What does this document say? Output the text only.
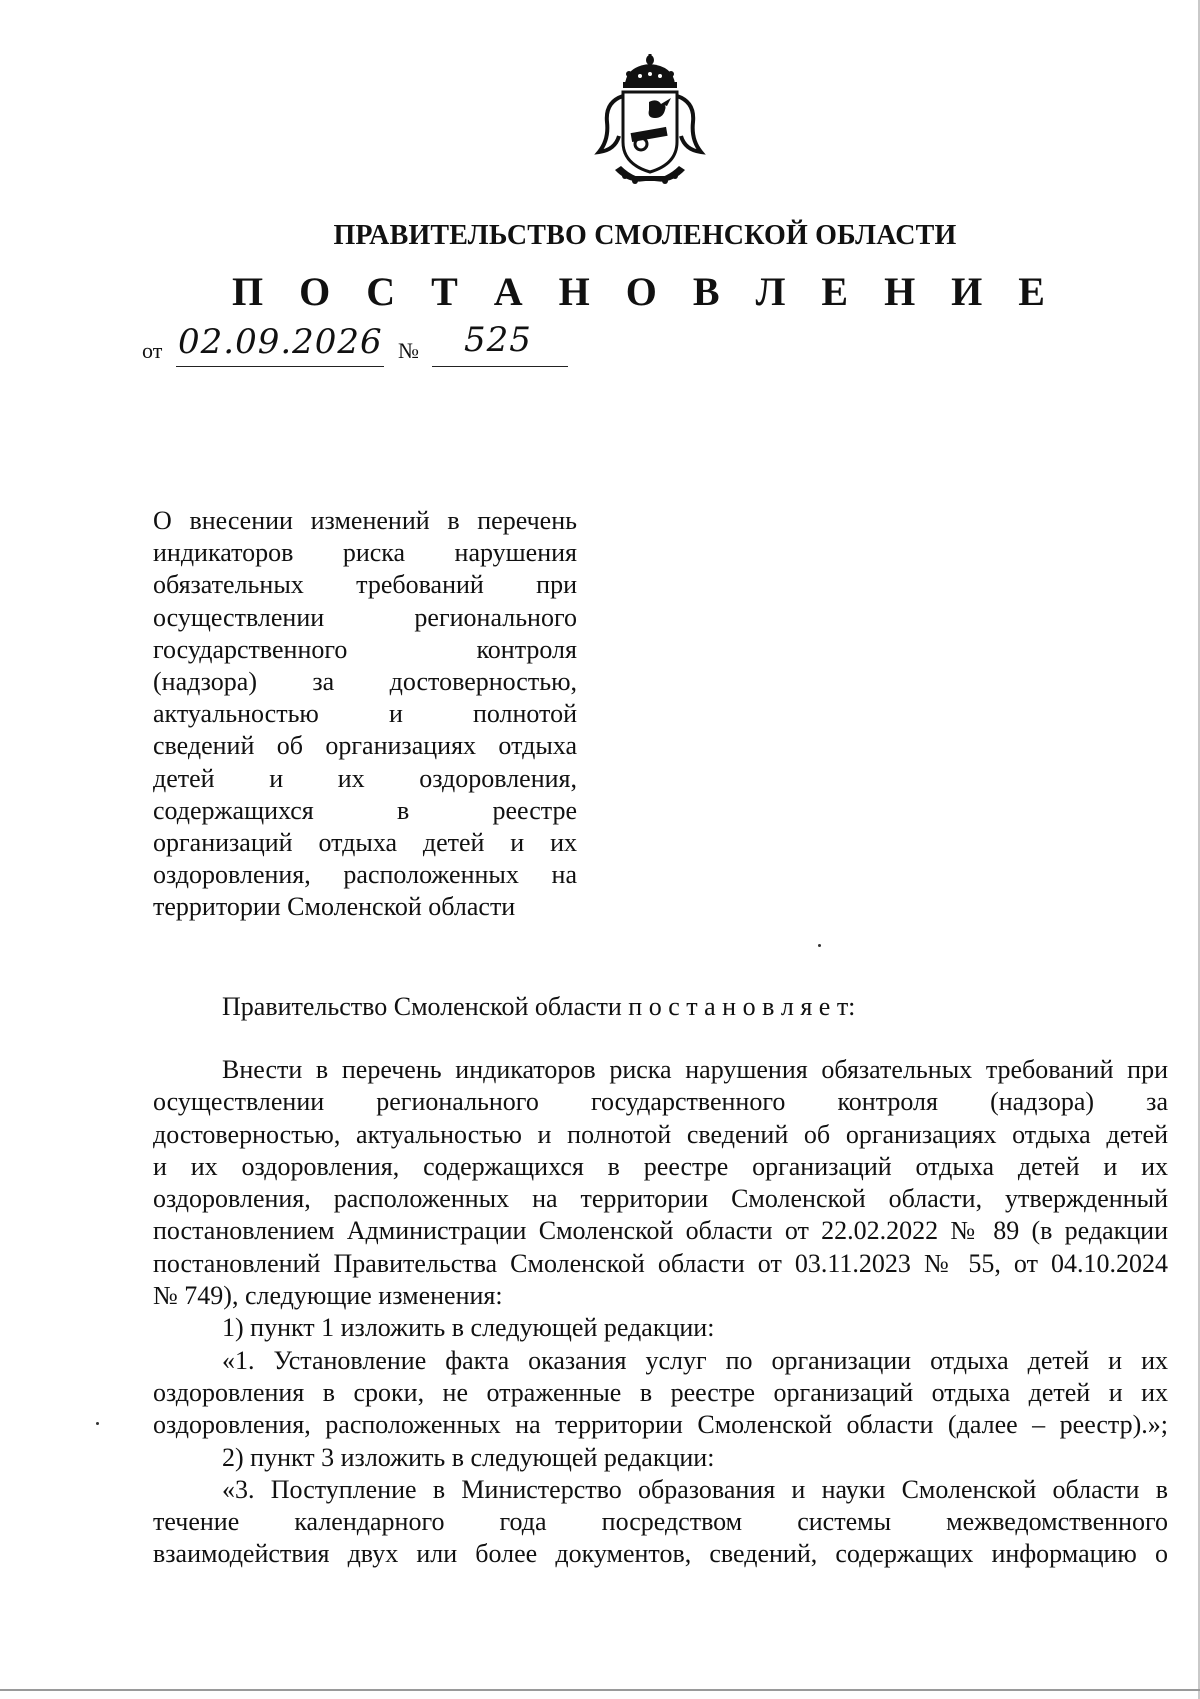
ПРАВИТЕЛЬСТВО СМОЛЕНСКОЙ ОБЛАСТИ
П О С Т А Н О В Л Е Н И Е
от 02.09.2026 № 525
О внесении изменений в перечень
индикаторов риска нарушения
обязательных требований при
осуществлении регионального
государственного контроля
(надзора) за достоверностью,
актуальностью и полнотой
сведений об организациях отдыха
детей и их оздоровления,
содержащихся в реестре
организаций отдыха детей и их
оздоровления, расположенных на
территории Смоленской области
Правительство Смоленской области п о с т а н о в л я е т:
Внести в перечень индикаторов риска нарушения обязательных требований при
осуществлении регионального государственного контроля (надзора) за
достоверностью, актуальностью и полнотой сведений об организациях отдыха детей
и их оздоровления, содержащихся в реестре организаций отдыха детей и их
оздоровления, расположенных на территории Смоленской области, утвержденный
постановлением Администрации Смоленской области от 22.02.2022 № 89 (в редакции
постановлений Правительства Смоленской области от 03.11.2023 № 55, от 04.10.2024
№ 749), следующие изменения:
1) пункт 1 изложить в следующей редакции:
«1. Установление факта оказания услуг по организации отдыха детей и их
оздоровления в сроки, не отраженные в реестре организаций отдыха детей и их
оздоровления, расположенных на территории Смоленской области (далее – реестр).»;
2) пункт 3 изложить в следующей редакции:
«3. Поступление в Министерство образования и науки Смоленской области в
течение календарного года посредством системы межведомственного
взаимодействия двух или более документов, сведений, содержащих информацию о
